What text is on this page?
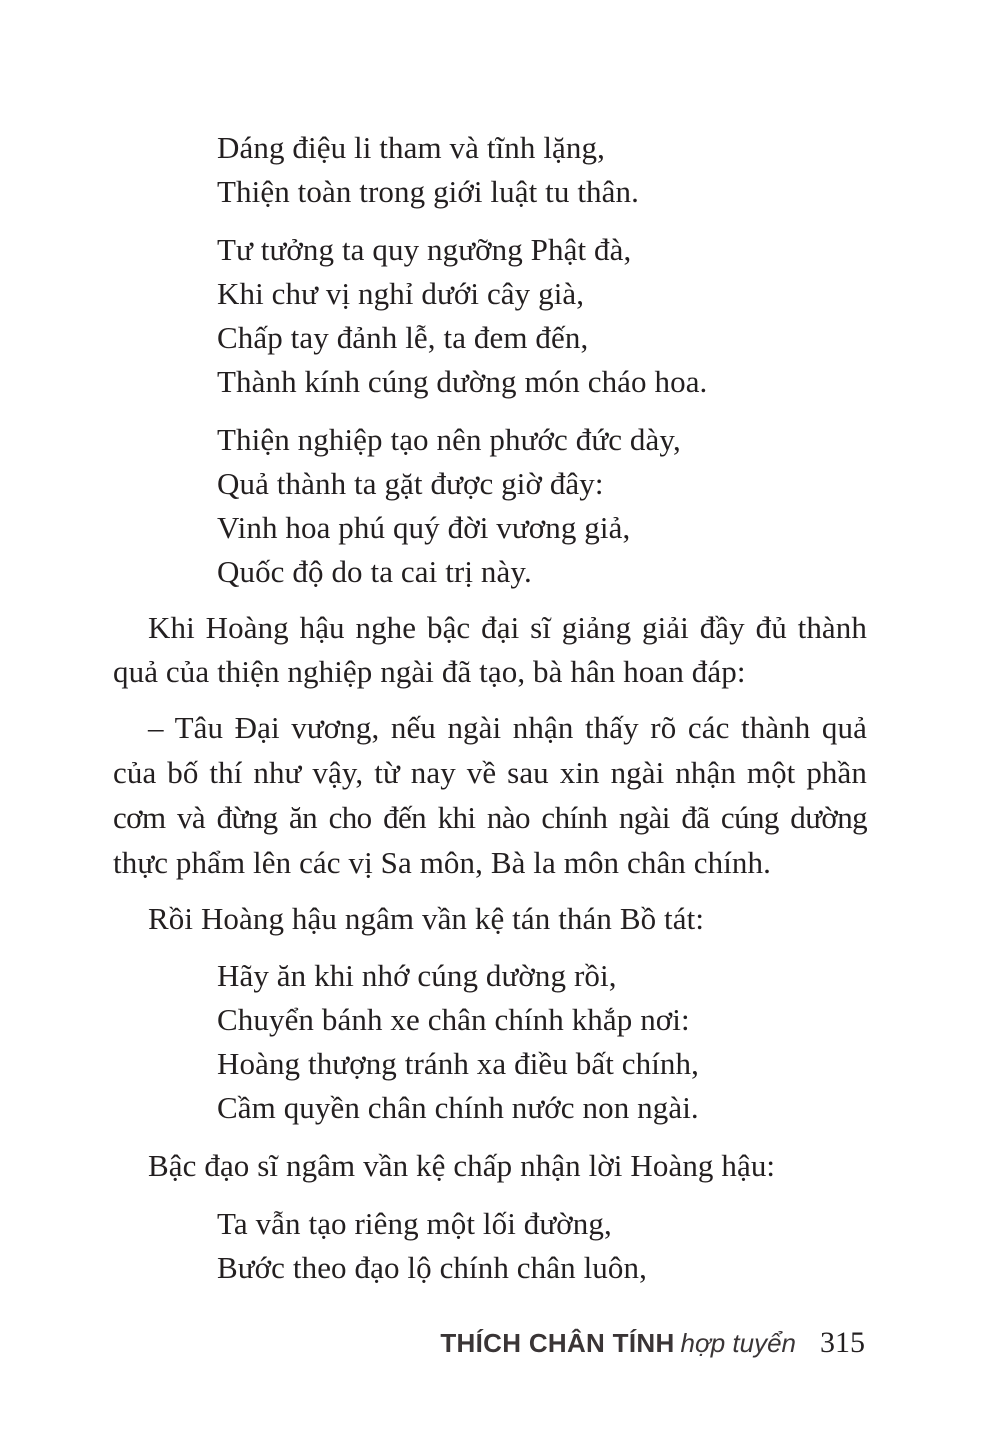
Dáng điệu li tham và tĩnh lặng,
Thiện toàn trong giới luật tu thân.
Tư tưởng ta quy ngưỡng Phật đà,
Khi chư vị nghỉ dưới cây già,
Chấp tay đảnh lễ, ta đem đến,
Thành kính cúng dường món cháo hoa.
Thiện nghiệp tạo nên phước đức dày,
Quả thành ta gặt được giờ đây:
Vinh hoa phú quý đời vương giả,
Quốc độ do ta cai trị này.
Khi Hoàng hậu nghe bậc đại sĩ giảng giải đầy đủ thành
quả của thiện nghiệp ngài đã tạo, bà hân hoan đáp:
– Tâu Đại vương, nếu ngài nhận thấy rõ các thành quả
của bố thí như vậy, từ nay về sau xin ngài nhận một phần
cơm và đừng ăn cho đến khi nào chính ngài đã cúng dường
thực phẩm lên các vị Sa môn, Bà la môn chân chính.
Rồi Hoàng hậu ngâm vần kệ tán thán Bồ tát:
Hãy ăn khi nhớ cúng dường rồi,
Chuyển bánh xe chân chính khắp nơi:
Hoàng thượng tránh xa điều bất chính,
Cầm quyền chân chính nước non ngài.
Bậc đạo sĩ ngâm vần kệ chấp nhận lời Hoàng hậu:
Ta vẫn tạo riêng một lối đường,
Bước theo đạo lộ chính chân luôn,
THÍCH CHÂN TÍNH hợp tuyển 315
